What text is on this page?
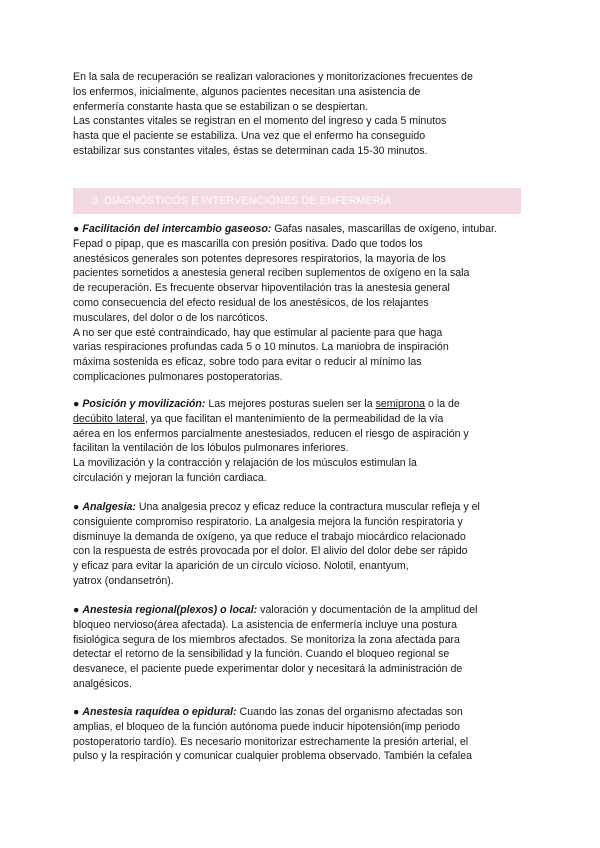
En la sala de recuperación se realizan valoraciones y monitorizaciones frecuentes de
los enfermos, inicialmente, algunos pacientes necesitan una asistencia de
enfermería constante hasta que se estabilizan o se despiertan.
Las constantes vitales se registran en el momento del ingreso y cada 5 minutos
hasta que el paciente se estabiliza. Una vez que el enfermo ha conseguido
estabilizar sus constantes vitales, éstas se determinan cada 15-30 minutos.
3. DIAGNÓSTICOS E INTERVENCIONES DE ENFERMERÍA
● Facilitación del intercambio gaseoso: Gafas nasales, mascarillas de oxígeno, intubar.
Fepad o pipap, que es mascarilla con presión positiva. Dado que todos los
anestésicos generales son potentes depresores respiratorios, la mayoría de los
pacientes sometidos a anestesia general reciben suplementos de oxígeno en la sala
de recuperación. Es frecuente observar hipoventilación tras la anestesia general
como consecuencia del efecto residual de los anestésicos, de los relajantes
musculares, del dolor o de los narcóticos.
A no ser que esté contraindicado, hay que estimular al paciente para que haga
varias respiraciones profundas cada 5 o 10 minutos. La maniobra de inspiración
máxima sostenida es eficaz, sobre todo para evitar o reducir al mínimo las
complicaciones pulmonares postoperatorias.
● Posición y movilización: Las mejores posturas suelen ser la semiprona o la de
decúbito lateral, ya que facilitan el mantenimiento de la permeabilidad de la vía
aérea en los enfermos parcialmente anestesiados, reducen el riesgo de aspiración y
facilitan la ventilación de los lóbulos pulmonares inferiores.
La movilización y la contracción y relajación de los músculos estimulan la
circulación y mejoran la función cardiaca.
● Analgesia: Una analgesia precoz y eficaz reduce la contractura muscular refleja y el
consiguiente compromiso respiratorio. La analgesia mejora la función respiratoria y
disminuye la demanda de oxígeno, ya que reduce el trabajo miocárdico relacionado
con la respuesta de estrés provocada por el dolor. El alivio del dolor debe ser rápido
y eficaz para evitar la aparición de un círculo vicioso. Nolotil, enantyum,
yatrox (ondansetrón).
● Anestesia regional(plexos) o local: valoración y documentación de la amplitud del
bloqueo nervioso(área afectada). La asistencia de enfermería incluye una postura
fisiológica segura de los miembros afectados. Se monitoriza la zona afectada para
detectar el retorno de la sensibilidad y la función. Cuando el bloqueo regional se
desvanece, el paciente puede experimentar dolor y necesitará la administración de
analgésicos.
● Anestesia raquídea o epidural: Cuando las zonas del organismo afectadas son
amplias, el bloqueo de la función autónoma puede inducir hipotensión(imp periodo
postoperatorio tardío). Es necesario monitorizar estrechamente la presión arterial, el
pulso y la respiración y comunicar cualquier problema observado. También la cefalea
